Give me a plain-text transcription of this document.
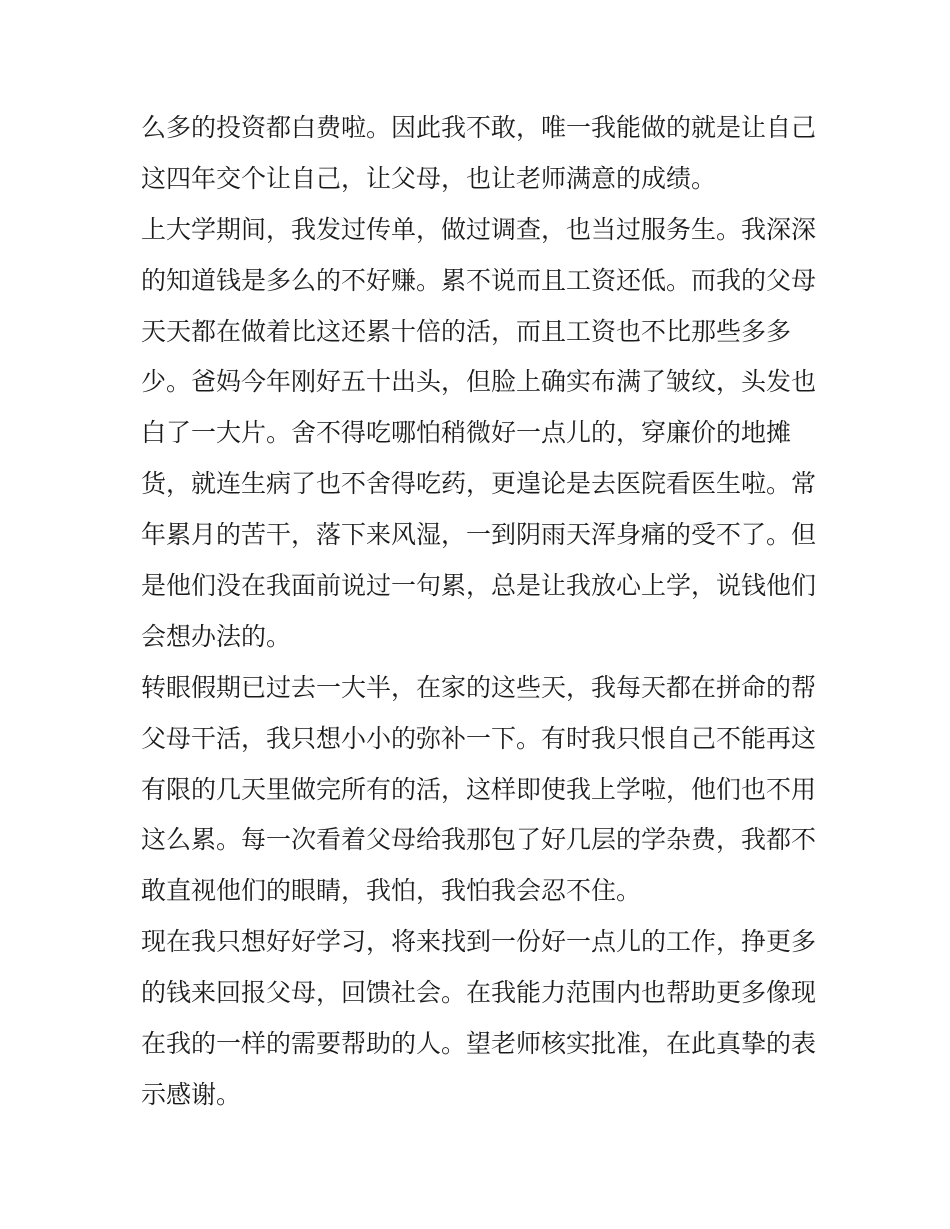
么多的投资都白费啦。因此我不敢，唯一我能做的就是让自己
这四年交个让自己，让父母，也让老师满意的成绩。
上大学期间，我发过传单，做过调查，也当过服务生。我深深
的知道钱是多么的不好赚。累不说而且工资还低。而我的父母
天天都在做着比这还累十倍的活，而且工资也不比那些多多
少。爸妈今年刚好五十出头，但脸上确实布满了皱纹，头发也
白了一大片。舍不得吃哪怕稍微好一点儿的，穿廉价的地摊
货，就连生病了也不舍得吃药，更遑论是去医院看医生啦。常
年累月的苦干，落下来风湿，一到阴雨天浑身痛的受不了。但
是他们没在我面前说过一句累，总是让我放心上学，说钱他们
会想办法的。
转眼假期已过去一大半，在家的这些天，我每天都在拼命的帮
父母干活，我只想小小的弥补一下。有时我只恨自己不能再这
有限的几天里做完所有的活，这样即使我上学啦，他们也不用
这么累。每一次看着父母给我那包了好几层的学杂费，我都不
敢直视他们的眼睛，我怕，我怕我会忍不住。
现在我只想好好学习，将来找到一份好一点儿的工作，挣更多
的钱来回报父母，回馈社会。在我能力范围内也帮助更多像现
在我的一样的需要帮助的人。望老师核实批准，在此真挚的表
示感谢。
